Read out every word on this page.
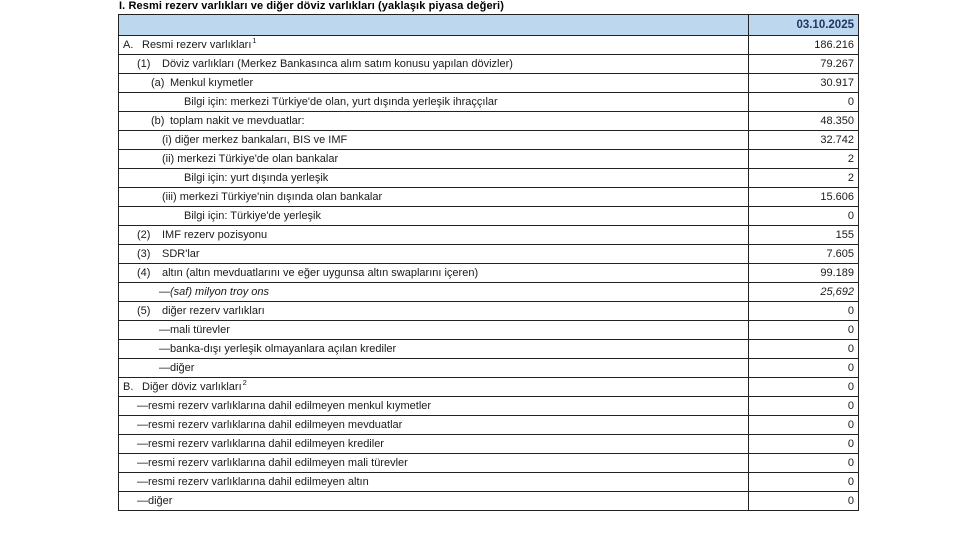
I. Resmi rezerv varlıkları ve diğer döviz varlıkları (yaklaşık piyasa değeri)
	03.10.2025
A. Resmi rezerv varlıkları$^1$	186.216
(1) Döviz varlıkları (Merkez Bankasınca alım satım konusu yapılan dövizler)	79.267
(a) Menkul kıymetler	30.917
Bilgi için: merkezi Türkiye'de olan, yurt dışında yerleşik ihraççılar	0
(b) toplam nakit ve mevduatlar:	48.350
(i) diğer merkez bankaları, BIS ve IMF	32.742
(ii) merkezi Türkiye'de olan bankalar	2
Bilgi için: yurt dışında yerleşik	2
(iii) merkezi Türkiye'nin dışında olan bankalar	15.606
Bilgi için: Türkiye'de yerleşik	0
(2) IMF rezerv pozisyonu	155
(3) SDR'lar	7.605
(4) altın (altın mevduatlarını ve eğer uygunsa altın swaplarını içeren)	99.189
—(saf) milyon troy ons	25,692
(5) diğer rezerv varlıkları	0
—mali türevler	0
—banka-dışı yerleşik olmayanlara açılan krediler	0
—diğer	0
B. Diğer döviz varlıkları$^2$	0
—resmi rezerv varlıklarına dahil edilmeyen menkul kıymetler	0
—resmi rezerv varlıklarına dahil edilmeyen mevduatlar	0
—resmi rezerv varlıklarına dahil edilmeyen krediler	0
—resmi rezerv varlıklarına dahil edilmeyen mali türevler	0
—resmi rezerv varlıklarına dahil edilmeyen altın	0
—diğer	0
